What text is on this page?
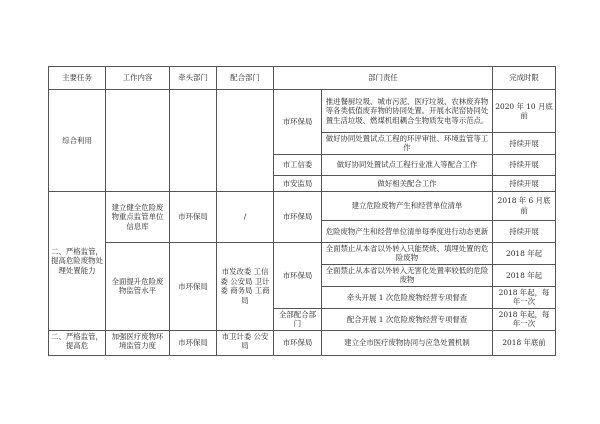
主要任务	工作内容	牵头部门	配合部门	部门责任		完成时限
综合利用				市环保局	推进餐厨垃圾、城市污泥、医疗垃圾、农林废弃物等各类低值废弃物的协同处置。开展水泥窑协同处置生活垃圾、燃煤机组耦合生物质发电等示范点。	2020 年 10 月底前
					做好协同处置试点工程的环评审批、环境监管等工作	持续开展
				市工信委	做好协同处置试点工程行业准入等配合工作	持续开展
				市安监局	做好相关配合工作	持续开展
二、严格监管，提高危险废物处理处置能力	建立健全危险废物重点监管单位信息库	市环保局	/	市环保局	建立危险废物产生和经营单位清单	2018 年 6 月底前
					危险废物产生和经营单位清单每季度进行动态更新	持续开展
	全面提升危险废物监管水平	市环保局	市发改委 工信委 公安局 卫计委 商务局 工商局	市环保局	全面禁止从本省以外转入只能焚烧、填埋处置的危险废物	2018 年起
					全面禁止从本省以外转入无害化处置率较低的危险废物	2018 年起
					牵头开展 1 次危险废物经营专项督查	2018 年起，每年一次
				全部配合部门	配合开展 1 次危险废物经营专项督查	2018 年起，每年一次

二、严格监管，提高危	加强医疗废物环境监管力度	市环保局	市卫计委 公安局	市环保局	建立全市医疗废物协同与应急处置机制	2018 年底前
